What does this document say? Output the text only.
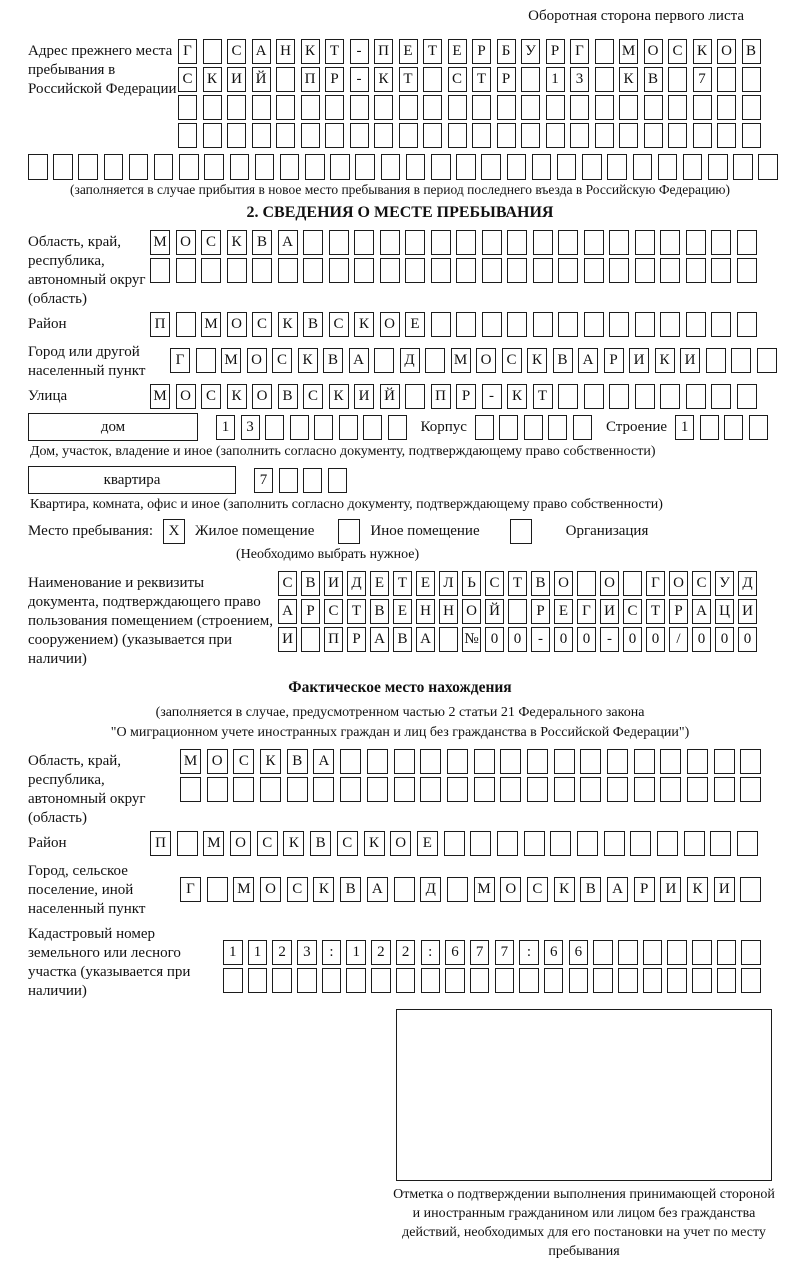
Оборотная сторона первого листа
Адрес прежнего места пребывания в Российской Федерации
Г	С А Н К Т	-	П Е	Т	Е	Р	Б У	Р	Г	М О С К О В
С К И Й	П Р	-	К Т	С Т	Р	1	3	К В	7
(заполняется в случае прибытия в новое место пребывания в период последнего въезда в Российскую Федерацию)
2. СВЕДЕНИЯ О МЕСТЕ ПРЕБЫВАНИЯ
Область, край, республика, автономный округ (область)
М О	С	К	В	А
Район	П	М О	С	К	В	С	К	О	Е
Город или другой населенный пункт
Г	М О	С	К	В	А	Д	М О	С	К	В	А	Р	И	К	И
Улица	М О	С	К	О	В	С	К	И Й	П	Р	-	К	Т
дом	1	3	Корпус	Строение 1
Дом, участок, владение и иное (заполнить согласно документу, подтверждающему право собственности)
квартира	7
Квартира, комната, офис и иное (заполнить согласно документу, подтверждающему право собственности)
Место пребывания:	X	Жилое помещение	Иное помещение	Организация
(Необходимо выбрать нужное)
Наименование и реквизиты документа, подтверждающего право пользования помещением (строением, сооружением) (указывается при наличии)
С В И Д Е Т Е Л Ь С Т В О О	Г О С У Д
А Р С Т В Е Н Н О Й	Р Е Г И С Т Р А Ц И
И П Р А В А № 0	0	-	0	0	-	0	0	/	0	0	0
Фактическое место нахождения
(заполняется в случае, предусмотренном частью 2 статьи 21 Федерального закона
"О миграционном учете иностранных граждан и лиц без гражданства в Российской Федерации")
Область, край, республика, автономный округ (область)
М О	С	К	В	А
Район	П	М О	С	К	В	С	К	О	Е
Город, сельское поселение, иной населенный пункт
Г	М О	С	К	В	А	Д	М О	С	К	В	А	Р	И	К	И
Кадастровый номер земельного или лесного участка (указывается при наличии)
1	1	2	3	:	1	2	2	:	6	7	7	:	6	6
Отметка о подтверждении выполнения принимающей стороной и иностранным гражданином или лицом без гражданства действий, необходимых для его постановки на учет по месту пребывания
